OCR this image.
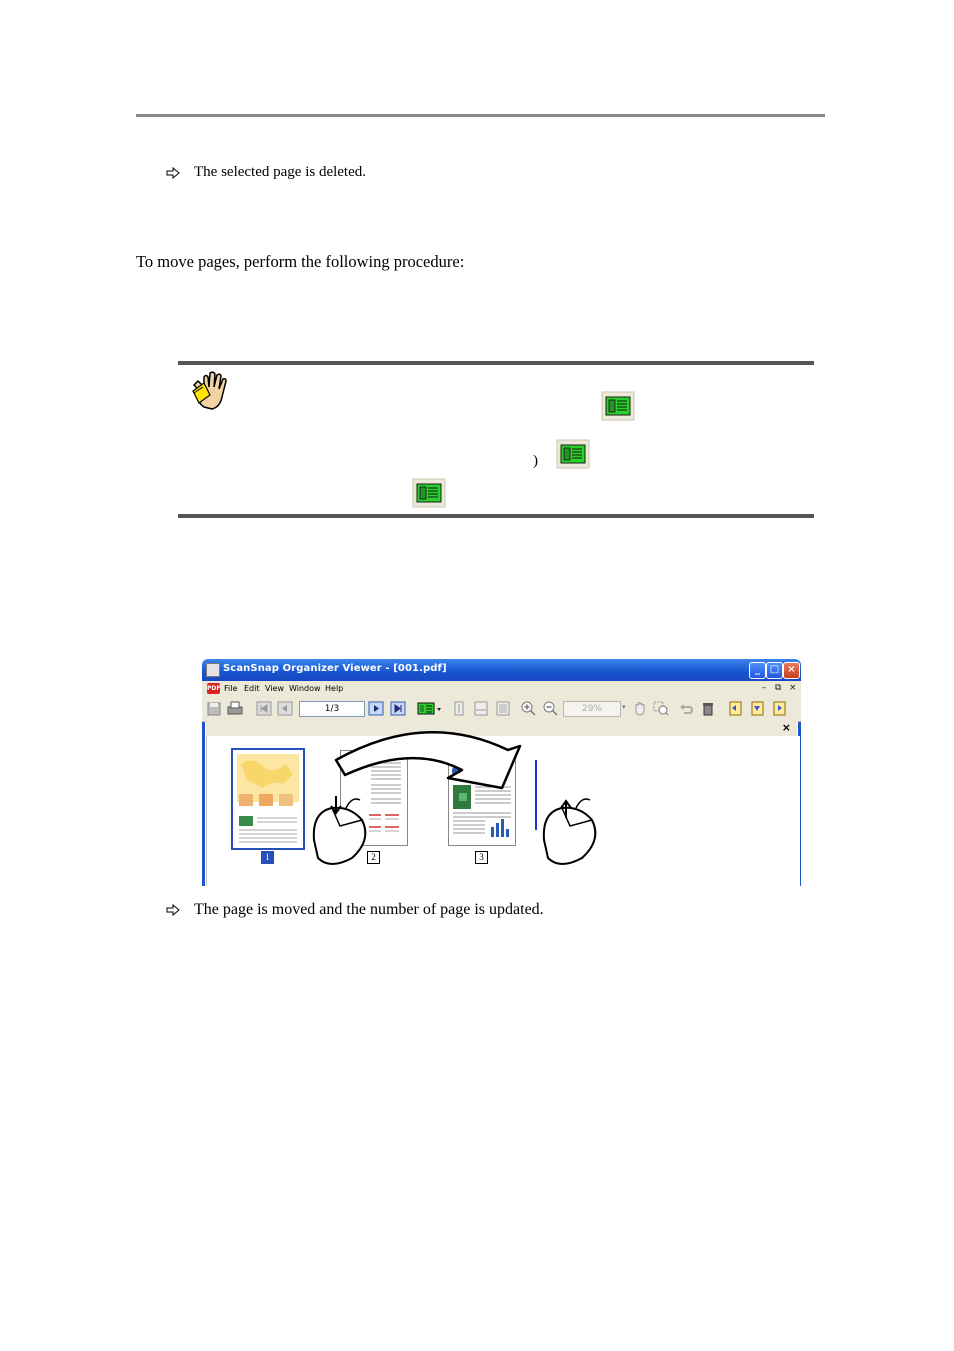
The selected page is deleted.
To move pages, perform the following procedure:
)
ScanSnap Organizer Viewer - [001.pdf]	_ □ ×
PDF File Edit View Window Help	– ⧉ ×
1/3	29%	▾
×
1	2	3
The page is moved and the number of page is updated.
